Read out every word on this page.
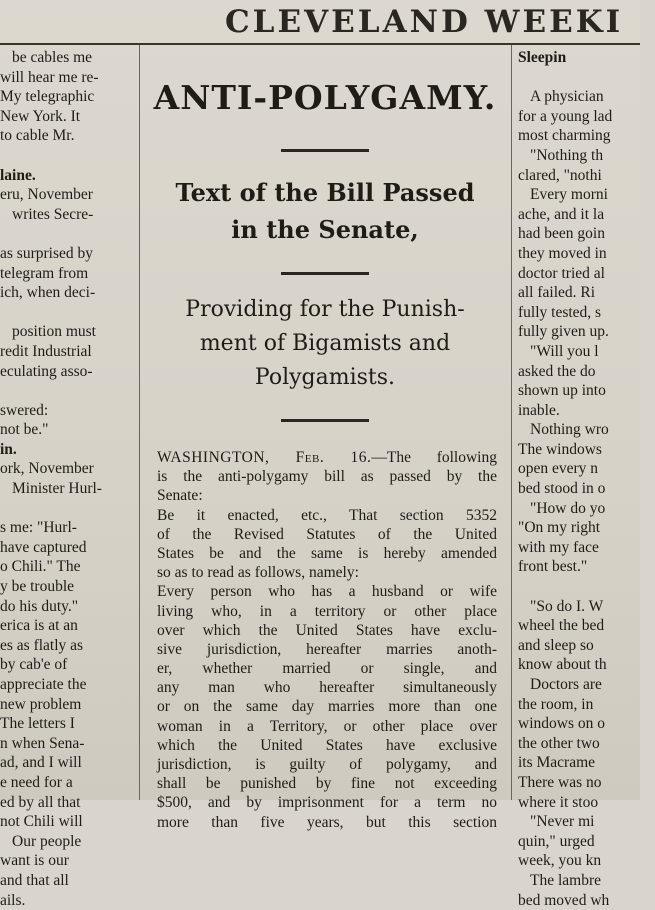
CLEVELAND WEEKI
be cables me
will hear me re-
My telegraphic
New York. It
to cable Mr.
laine.
eru, November
writes Secre-
as surprised by
telegram from
ich, when deci-
position must
redit Industrial
eculating asso-
swered:
not be."
in.
ork, November
Minister Hurl-
s me: "Hurl-
have captured
o Chili." The
y be trouble
do his duty."
erica is at an
es as flatly as
by cab'e of
appreciate the
new problem
The letters I
n when Sena-
ad, and I will
e need for a
ed by all that
not Chili will
Our people
want is our
and that all
ails.
ANTI-POLYGAMY.
Text of the Bill Passed
in the Senate,
Providing for the Punish-
ment of Bigamists and
Polygamists.
WASHINGTON, Feb. 16.—The following
is the anti-polygamy bill as passed by the
Senate:
Be it enacted, etc., That section 5352
of the Revised Statutes of the United
States be and the same is hereby amended
so as to read as follows, namely:
Every person who has a husband or wife
living who, in a territory or other place
over which the United States have exclu-
sive jurisdiction, hereafter marries anoth-
er, whether married or single, and
any man who hereafter simultaneously
or on the same day marries more than one
woman in a Territory, or other place over
which the United States have exclusive
jurisdiction, is guilty of polygamy, and
shall be punished by fine not exceeding
$500, and by imprisonment for a term no
more than five years, but this section
Sleepin
A physician
for a young lad
most charming
"Nothing th
clared, "nothi
Every morni
ache, and it la
had been goin
they moved in
doctor tried al
all failed. Ri
fully tested, s
fully given up.
"Will you l
asked the do
shown up into
inable.
Nothing wro
The windows
open every n
bed stood in o
"How do yo
"On my right
with my face
front best."
"So do I. W
wheel the bed
and sleep so
know about th
Doctors are
the room, in
windows on o
the other two
its Macrame
There was no
where it stoo
"Never mi
quin," urged
week, you kn
The lambre
bed moved wh
